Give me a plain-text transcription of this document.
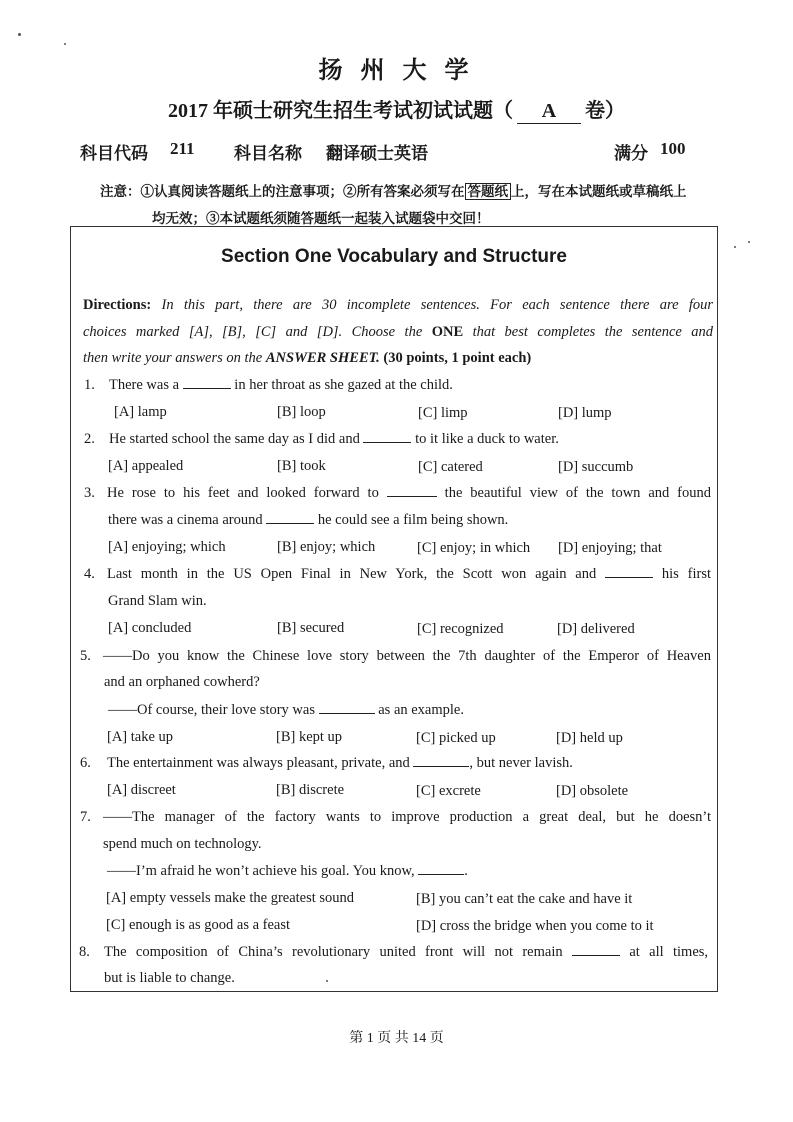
扬 州 大 学
2017 年硕士研究生招生考试初试试题（ A 卷）
科目代码 211 科目名称 翻译硕士英语	满分 100
注意：①认真阅读答题纸上的注意事项；②所有答案必须写在 答题纸 上，写在本试题纸或草稿纸上
均无效；③本试题纸须随答题纸一起装入试题袋中交回！
Section One Vocabulary and Structure
Directions: In this part, there are 30 incomplete sentences. For each sentence there are four
choices marked [A], [B], [C] and [D]. Choose the ONE that best completes the sentence and
then write your answers on the ANSWER SHEET. (30 points, 1 point each)
1. There was a	in her throat as she gazed at the child.
[A] lamp	[B] loop	[C] limp	[D] lump
2. He started school the same day as I did and	to it like a duck to water.
[A] appealed	[B] took	[C] catered	[D] succumb
3. He rose to his feet and looked forward to	the beautiful view of the town and found
there was a cinema around	he could see a film being shown.
[A] enjoying; which	[B] enjoy; which	[C] enjoy; in which [D] enjoying; that
4. Last month in the US Open Final in New York, the Scott won again and	his first
Grand Slam win.
[A] concluded	[B] secured	[C] recognized	[D] delivered
5. ——Do you know the Chinese love story between the 7th daughter of the Emperor of Heaven
and an orphaned cowherd?
——Of course, their love story was	as an example.
[A] take up	[B] kept up	[C] picked up	[D] held up
6. The entertainment was always pleasant, private, and	, but never lavish.
[A] discreet	[B] discrete	[C] excrete	[D] obsolete
7. ——The manager of the factory wants to improve production a great deal, but he doesn’t
spend much on technology.
——I’m afraid he won’t achieve his goal. You know,	.
[A] empty vessels make the greatest sound	[B] you can’t eat the cake and have it
[C] enough is as good as a feast	[D] cross the bridge when you come to it
8. The composition of China’s revolutionary united front will not remain	at all times,
but is liable to change.
第 1 页 共 14 页
